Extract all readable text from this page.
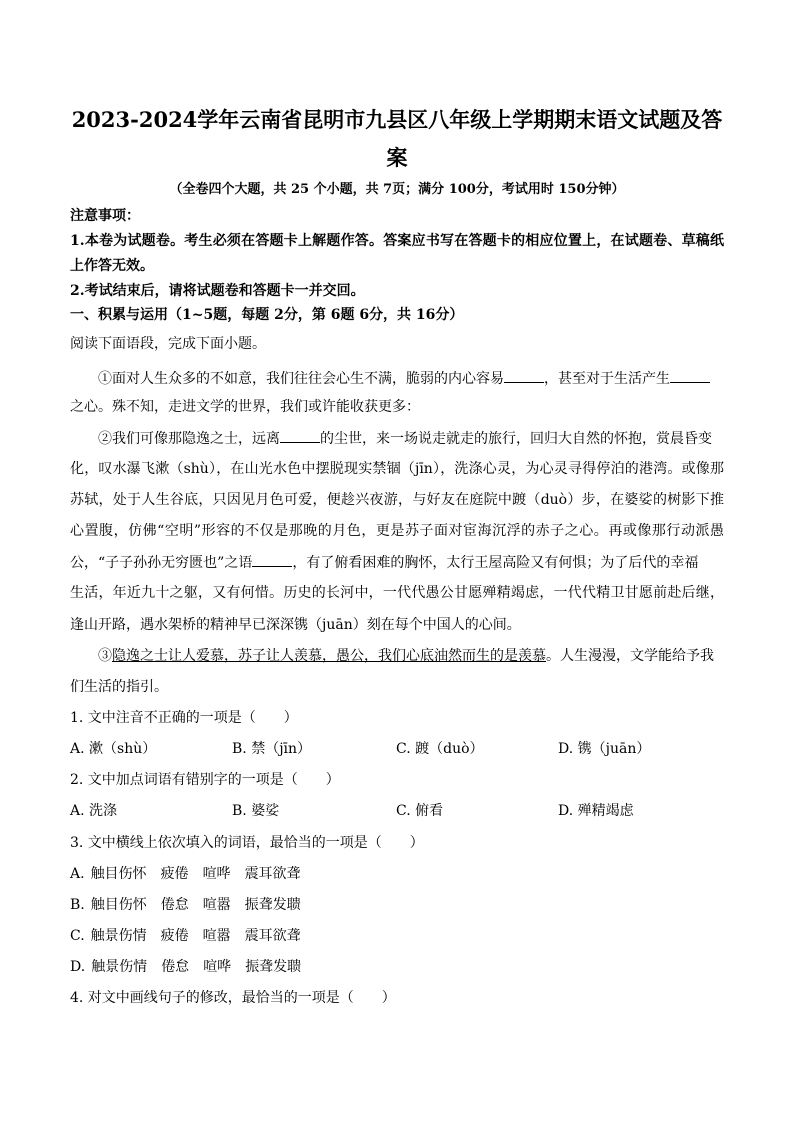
2023-2024学年云南省昆明市九县区八年级上学期期末语文试题及答
案
（全卷四个大题，共 25 个小题，共 7页；满分 100分，考试用时 150分钟）
注意事项：
1.本卷为试题卷。考生必须在答题卡上解题作答。答案应书写在答题卡的相应位置上，在试题卷、草稿纸
上作答无效。
2.考试结束后，请将试题卷和答题卡一并交回。
一、积累与运用（1~5题，每题 2分，第 6题 6分，共 16分）
阅读下面语段，完成下面小题。
①面对人生众多的不如意，我们往往会心生不满，脆弱的内心容易	，甚至对于生活产生
之心。殊不知，走进文学的世界，我们或许能收获更多：
②我们可像那隐逸之士，远离	的尘世，来一场说走就走的旅行，回归大自然的怀抱，赏晨昏变
化，叹水瀑飞漱（shù），在山光水色中摆脱现实禁锢（jīn），洗涤心灵，为心灵寻得停泊的港湾。或像那
苏轼，处于人生谷底，只因见月色可爱，便趁兴夜游，与好友在庭院中踱（duò）步，在婆娑的树影下推
心置腹，仿佛“空明”形容的不仅是那晚的月色，更是苏子面对宦海沉浮的赤子之心。再或像那行动派愚
公，“子子孙孙无穷匮也”之语	，有了俯看困难的胸怀，太行王屋高险又有何惧；为了后代的幸福
生活，年近九十之躯，又有何惜。历史的长河中，一代代愚公甘愿殚精竭虑，一代代精卫甘愿前赴后继，
逢山开路，遇水架桥的精神早已深深镌（juān）刻在每个中国人的心间。
③隐逸之士让人爱慕，苏子让人羡慕，愚公，我们心底油然而生的是羡慕。人生漫漫，文学能给予我
们生活的指引。
1. 文中注音不正确的一项是（　　）
A. 漱（shù）	B. 禁（jīn）	C. 踱（duò）	D. 镌（juān）
2. 文中加点词语有错别字的一项是（　　）
A. 洗涤	B. 婆娑	C. 俯看	D. 殚精竭虑
3. 文中横线上依次填入的词语，最恰当的一项是（　　）
A. 触目伤怀 疲倦 喧哗 震耳欲聋
B. 触目伤怀 倦怠 喧嚣 振聋发聩
C. 触景伤情 疲倦 喧嚣 震耳欲聋
D. 触景伤情 倦怠 喧哗 振聋发聩
4. 对文中画线句子的修改，最恰当的一项是（　　）
